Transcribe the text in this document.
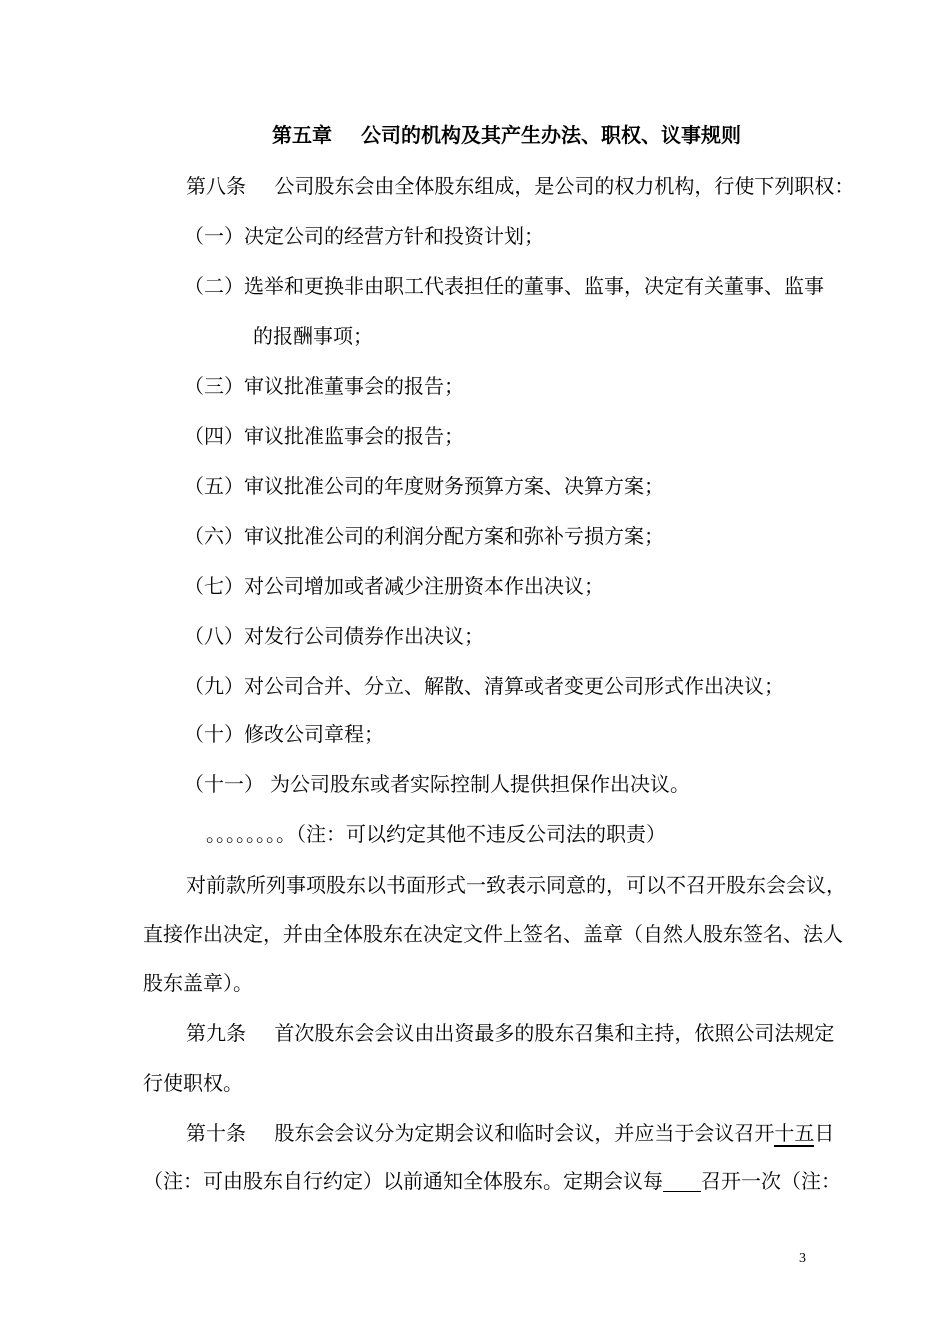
第五章 公司的机构及其产生办法、职权、议事规则
第八条 公司股东会由全体股东组成，是公司的权力机构，行使下列职权：
（一）决定公司的经营方针和投资计划；
（二）选举和更换非由职工代表担任的董事、监事，决定有关董事、监事
的报酬事项；
（三）审议批准董事会的报告；
（四）审议批准监事会的报告；
（五）审议批准公司的年度财务预算方案、决算方案；
（六）审议批准公司的利润分配方案和弥补亏损方案；
（七）对公司增加或者减少注册资本作出决议；
（八）对发行公司债券作出决议；
（九）对公司合并、分立、解散、清算或者变更公司形式作出决议；
（十）修改公司章程；
（十一） 为公司股东或者实际控制人提供担保作出决议。
。。。。。。。。（注：可以约定其他不违反公司法的职责）
对前款所列事项股东以书面形式一致表示同意的，可以不召开股东会会议，
直接作出决定，并由全体股东在决定文件上签名、盖章（自然人股东签名、法人
股东盖章）。
第九条 首次股东会会议由出资最多的股东召集和主持，依照公司法规定
行使职权。
第十条 股东会会议分为定期会议和临时会议，并应当于会议召开十五日
（注：可由股东自行约定）以前通知全体股东。定期会议每 召开一次（注：
3
